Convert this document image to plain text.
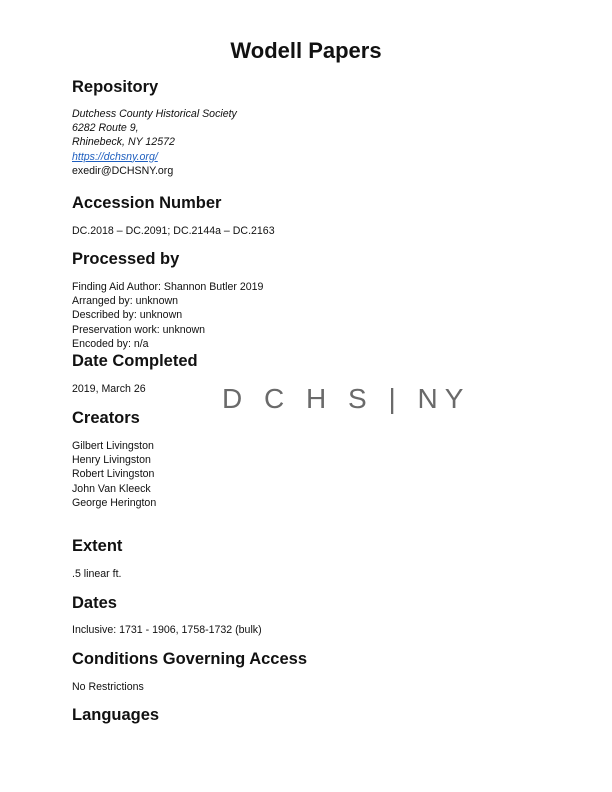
Wodell Papers
Repository
Dutchess County Historical Society
6282 Route 9,
Rhinebeck, NY 12572
https://dchsny.org/
exedir@DCHSNY.org
Accession Number
DC.2018 – DC.2091; DC.2144a – DC.2163
Processed by
Finding Aid Author: Shannon Butler 2019
Arranged by: unknown
Described by: unknown
Preservation work: unknown
Encoded by: n/a
Date Completed
2019, March 26	D C H S | NY
Creators
Gilbert Livingston
Henry Livingston
Robert Livingston
John Van Kleeck
George Herington
Extent
.5 linear ft.
Dates
Inclusive: 1731 - 1906, 1758-1732 (bulk)
Conditions Governing Access
No Restrictions
Languages
